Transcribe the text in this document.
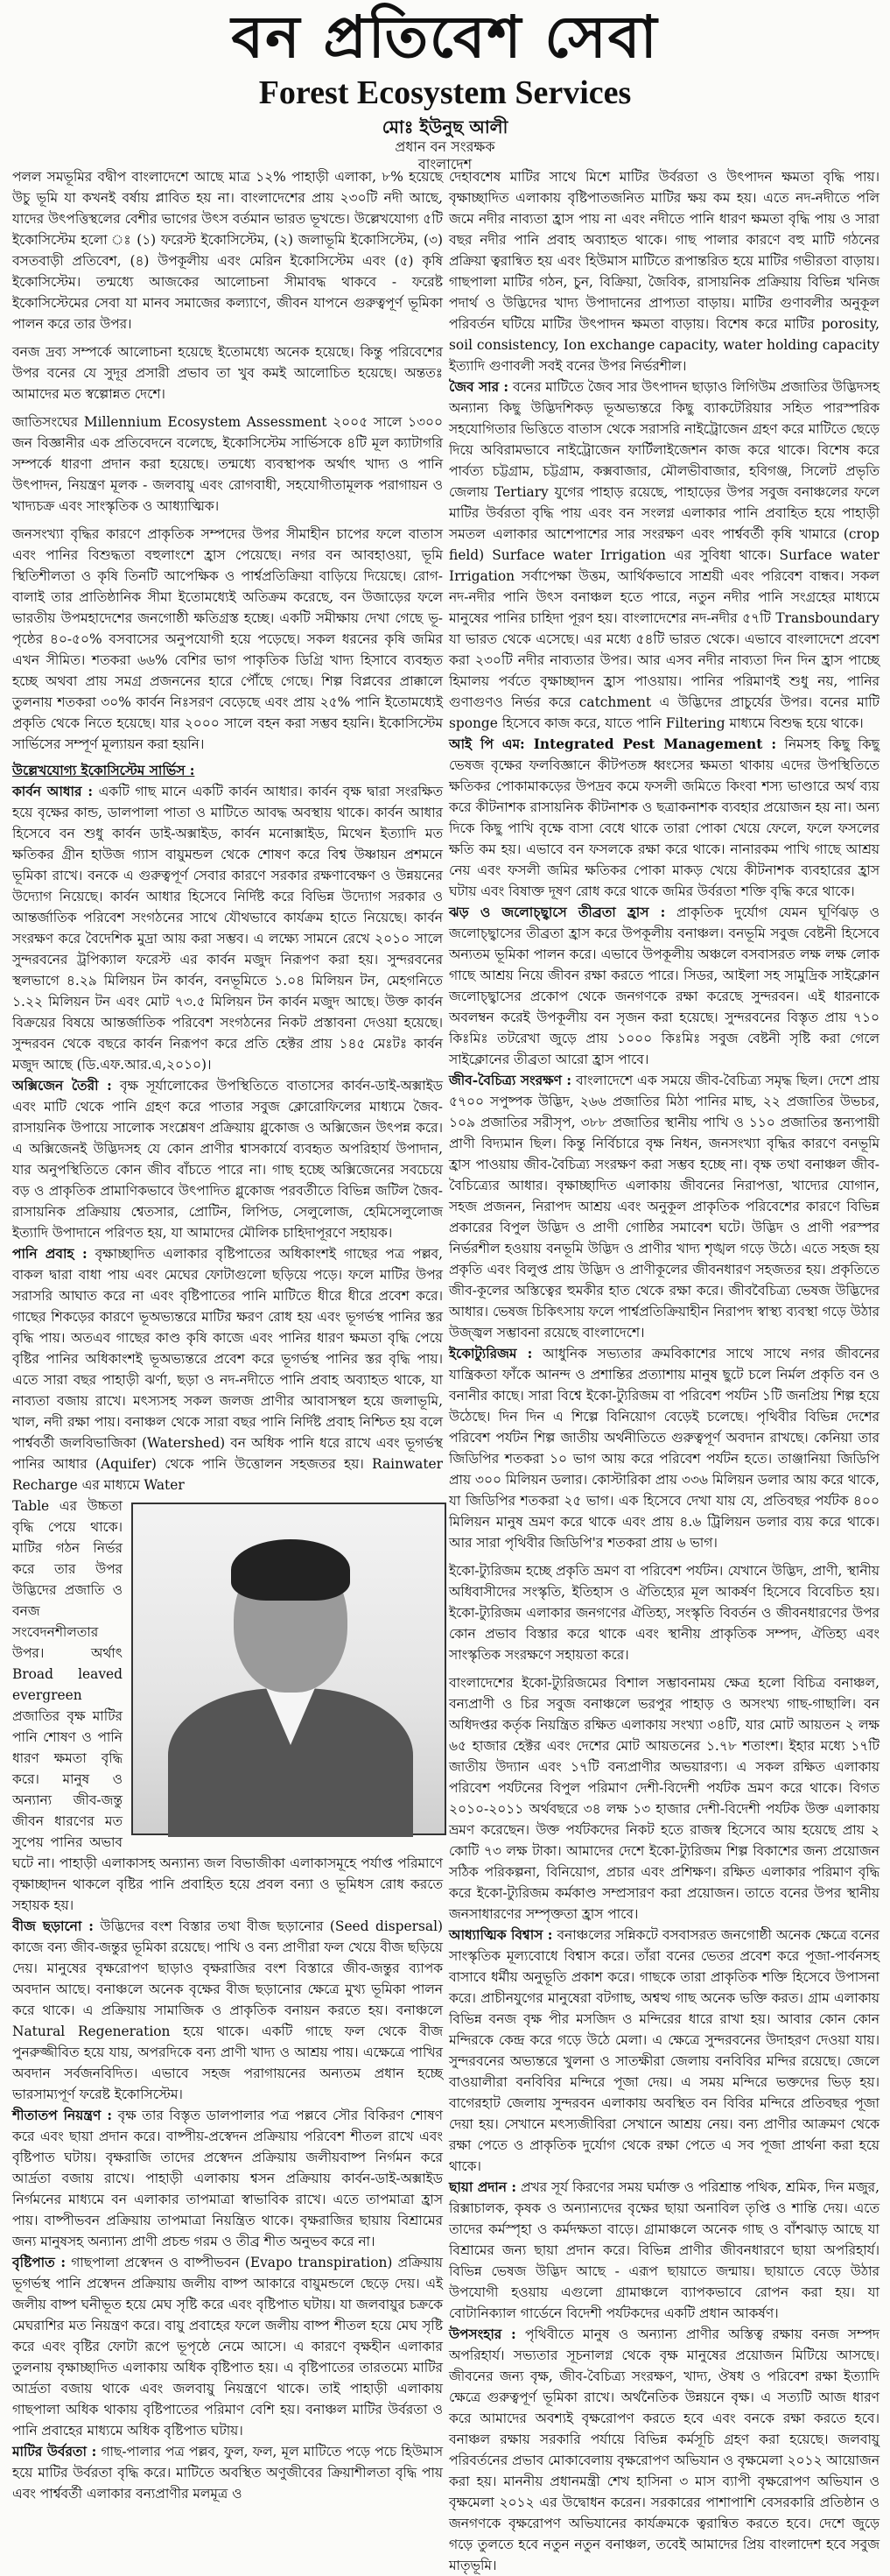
বন প্রতিবেশ সেবা
Forest Ecosystem Services
মোঃ ইউনুছ আলী
প্রধান বন সংরক্ষক
বাংলাদেশ

পলল সমভূমির বদ্বীপ বাংলাদেশে আছে মাত্র ১২% পাহাড়ী এলাকা, ৮% হয়েছে উচু ভূমি যা কখনই বর্ষায় প্লাবিত হয় না। বাংলাদেশের প্রায় ২৩০টি নদী আছে, যাদের উৎপত্তিস্থলের বেশীর ভাগের উৎস বর্তমান ভারত ভূখন্ডে। উল্লেখযোগ্য ৫টি ইকোসিস্টেম হলো ঃ (১) ফরেস্ট ইকোসিস্টেম, (২) জলাভূমি ইকোসিস্টেম, (৩) বসতবাড়ী প্রতিবেশ, (৪) উপকূলীয় এবং মেরিন ইকোসিস্টেম এবং (৫) কৃষি ইকোসিস্টেম। তন্মধ্যে আজকের আলোচনা সীমাবদ্ধ থাকবে - ফরেষ্ট ইকোসিস্টেমের সেবা যা মানব সমাজের কল্যাণে, জীবন যাপনে গুরুত্বপূর্ণ ভূমিকা পালন করে তার উপর।

বনজ দ্রব্য সম্পর্কে আলোচনা হয়েছে ইতোমধ্যে অনেক হয়েছে। কিন্তু পরিবেশের উপর বনের যে সুদূর প্রসারী প্রভাব তা খুব কমই আলোচিত হয়েছে। অন্ততঃ আমাদের মত স্বল্পোন্নত দেশে।

জাতিসংঘের Millennium Ecosystem Assessment ২০০৫ সালে ১৩০০ জন বিজ্ঞানীর এক প্রতিবেদনে বলেছে, ইকোসিস্টেম সার্ভিসকে ৪টি মূল ক্যাটাগরি সম্পর্কে ধারণা প্রদান করা হয়েছে। তন্মধ্যে ব্যবস্থাপক অর্থাৎ খাদ্য ও পানি উৎপাদন, নিয়ন্ত্রণ মূলক - জলবায়ু এবং রোগবাধী, সহযোগীতামূলক পরাগায়ন ও খাদ্যচক্র এবং সাংস্কৃতিক ও আধ্যাত্মিক।

জনসংখ্যা বৃদ্ধির কারণে প্রাকৃতিক সম্পদের উপর সীমাহীন চাপের ফলে বাতাস এবং পানির বিশুদ্ধতা বহুলাংশে হ্রাস পেয়েছে। নগর বন আবহাওয়া, ভূমি স্থিতিশীলতা ও কৃষি তিনটি আপেক্ষিক ও পার্শ্বপ্রতিক্রিয়া বাড়িয়ে দিয়েছে। রোগ-বালাই তার প্রাতিষ্ঠানিক সীমা ইতোমধ্যেই অতিক্রম করেছে, বন উজাড়ের ফলে ভারতীয় উপমহাদেশের জনগোষ্ঠী ক্ষতিগ্রস্ত হচ্ছে। একটি সমীক্ষায় দেখা গেছে ভূ-পৃষ্ঠের ৪০-৫০% বসবাসের অনুপযোগী হয়ে পড়েছে। সকল ধরনের কৃষি জমির এখন সীমিত। শতকরা ৬৬% বেশির ভাগ পাকৃতিক ডিগ্রি খাদ্য হিসাবে ব্যবহৃত হচ্ছে অথবা প্রায় সমগ্র প্রজননের হারে পৌঁছে গেছে। শিল্প বিপ্লবের প্রাক্কালে তুলনায় শতকরা ৩০% কার্বন নিঃসরণ বেড়েছে এবং প্রায় ২৫% পানি ইতোমধ্যেই প্রকৃতি থেকে নিতে হয়েছে। যার ২০০০ সালে বহন করা সম্ভব হয়নি। ইকোসিস্টেম সার্ভিসের সম্পূর্ণ মূল্যায়ন করা হয়নি।

উল্লেখযোগ্য ইকোসিস্টেম সার্ভিস :

কার্বন আধার : একটি গাছ মানে একটি কার্বন আধার। কার্বন বৃক্ষ দ্বারা সংরক্ষিত হয়ে বৃক্ষের কান্ড, ডালপালা পাতা ও মাটিতে আবদ্ধ অবস্থায় থাকে। কার্বন আধার হিসেবে বন শুধু কার্বন ডাই-অক্সাইড, কার্বন মনোক্সাইড, মিথেন ইত্যাদি মত ক্ষতিকর গ্রীন হাউজ গ্যাস বায়ুমন্ডল থেকে শোষণ করে বিশ্ব উষ্ণায়ন প্রশমনে ভূমিকা রাখে। বনকে এ গুরুত্বপূর্ণ সেবার কারণে সরকার রক্ষণাবেক্ষণ ও উন্নয়নের উদ্যোগ নিয়েছে। কার্বন আধার হিসেবে নির্দিষ্ট করে বিভিন্ন উদ্যোগ সরকার ও আন্তর্জাতিক পরিবেশ সংগঠনের সাথে যৌথভাবে কার্যক্রম হাতে নিয়েছে। কার্বন সংরক্ষণ করে বৈদেশিক মুদ্রা আয় করা সম্ভব। এ লক্ষ্যে সামনে রেখে ২০১০ সালে সুন্দরবনের ট্রপিক্যাল ফরেস্ট এর কার্বন মজুদ নিরূপণ করা হয়। সুন্দরবনের স্থলভাগে ৪.২৯ মিলিয়ন টন কার্বন, বনভূমিতে ১.০৪ মিলিয়ন টন, মেহগনিতে ১.২২ মিলিয়ন টন এবং মোট ৭৩.৫ মিলিয়ন টন কার্বন মজুদ আছে। উক্ত কার্বন বিক্রয়ের বিষয়ে আন্তর্জাতিক পরিবেশ সংগঠনের নিকট প্রস্তাবনা দেওয়া হয়েছে। সুন্দরবন থেকে বছরে কার্বন নিরূপণ করে প্রতি হেক্টর প্রায় ১৪৫ মেঃটঃ কার্বন মজুদ আছে (ডি.এফ.আর.এ,২০১০)।

অক্সিজেন তৈরী : বৃক্ষ সূর্যালোকের উপস্থিতিতে বাতাসের কার্বন-ডাই-অক্সাইড এবং মাটি থেকে পানি গ্রহণ করে পাতার সবুজ ক্লোরোফিলের মাধ্যমে জৈব-রাসায়নিক উপায়ে সালোক সংশ্লেষণ প্রক্রিয়ায় গ্লুকোজ ও অক্সিজেন উৎপন্ন করে। এ অক্সিজেনই উদ্ভিদসহ যে কোন প্রাণীর শ্বাসকার্যে ব্যবহৃত অপরিহার্য উপাদান, যার অনুপস্থিতিতে কোন জীব বাঁচতে পারে না। গাছ হচ্ছে অক্সিজেনের সবচেয়ে বড় ও প্রাকৃতিক প্রামাণিকভাবে উৎপাদিত গ্লুকোজ পরবর্তীতে বিভিন্ন জটিল জৈব-রাসায়নিক প্রক্রিয়ায় শ্বেতসার, প্রোটিন, লিপিড, সেলুলোজ, হেমিসেলুলোজ ইত্যাদি উপাদানে পরিণত হয়, যা আমাদের মৌলিক চাহিদাপূরণে সহায়ক।

পানি প্রবাহ : বৃক্ষাচ্ছাদিত এলাকার বৃষ্টিপাতের অধিকাংশই গাছের পত্র পল্লব, বাকল দ্বারা বাধা পায় এবং মেঘের ফোটাগুলো ছড়িয়ে পড়ে। ফলে মাটির উপর সরাসরি আঘাত করে না এবং বৃষ্টিপাতের পানি মাটিতে ধীরে ধীরে প্রবেশ করে। গাছের শিকড়ের কারণে ভূঅভ্যন্তরে মাটির ক্ষরণ রোধ হয় এবং ভূগর্ভস্থ পানির স্তর বৃদ্ধি পায়। অতএব গাছের কাণ্ড কৃষি কাজে এবং পানির ধারণ ক্ষমতা বৃদ্ধি পেয়ে বৃষ্টির পানির অধিকাংশই ভূঅভ্যন্তরে প্রবেশ করে ভূগর্ভস্থ পানির স্তর বৃদ্ধি পায়। এতে সারা বছর পাহাড়ী ঝর্ণা, ছড়া ও নদ-নদীতে পানি প্রবাহ অব্যাহত থাকে, যা নাব্যতা বজায় রাখে। মৎস্যসহ সকল জলজ প্রাণীর আবাসস্থল হয়ে জলাভূমি, খাল, নদী রক্ষা পায়। বনাঞ্চল থেকে সারা বছর পানি নির্দিষ্ট প্রবাহ নিশ্চিত হয় বলে পার্শ্ববর্তী জলবিভাজিকা (Watershed) বন অধিক পানি ধরে রাখে এবং ভূগর্ভস্থ পানির আধার (Aquifer) থেকে পানি উত্তোলন সহজতর হয়। Rainwater Recharge এর মাধ্যমে Water

Table এর উচ্চতা বৃদ্ধি পেয়ে থাকে। মাটির গঠন নির্ভর করে তার উপর উদ্ভিদের প্রজাতি ও বনজ সংবেদনশীলতার উপর। অর্থাৎ Broad leaved evergreen প্রজাতির বৃক্ষ মাটির পানি শোষণ ও পানি ধারণ ক্ষমতা বৃদ্ধি করে। মানুষ ও অন্যান্য জীব-জন্তু জীবন ধারণের মত সুপেয় পানির অভাব ঘটে না। পাহাড়ী এলাকাসহ অন্যান্য জল বিভাজীকা এলাকাসমূহে পর্যাপ্ত পরিমাণে বৃক্ষাচ্ছাদন থাকলে বৃষ্টির পানি প্রবাহিত হয়ে প্রবল বন্যা ও ভূমিধস রোধ করতে সহায়ক হয়।

বীজ ছড়ানো : উদ্ভিদের বংশ বিস্তার তথা বীজ ছড়ানোর (Seed dispersal) কাজে বন্য জীব-জন্তুর ভূমিকা রয়েছে। পাখি ও বন্য প্রাণীরা ফল খেয়ে বীজ ছড়িয়ে দেয়। মানুষের বৃক্ষরোপণ ছাড়াও বৃক্ষরাজির বংশ বিস্তারে জীব-জন্তুর ব্যাপক অবদান আছে। বনাঞ্চলে অনেক বৃক্ষের বীজ ছড়ানোর ক্ষেত্রে মুখ্য ভূমিকা পালন করে থাকে। এ প্রক্রিয়ায় সামাজিক ও প্রাকৃতিক বনায়ন করতে হয়। বনাঞ্চলে Natural Regeneration হয়ে থাকে। একটি গাছে ফল থেকে বীজ পুনরুজ্জীবিত হয়ে যায়, অপরদিকে বন্য প্রাণী খাদ্য ও আশ্রয় পায়। এক্ষেত্রে পাখির অবদান সর্বজনবিদিত। এভাবে সহজ পরাগায়নের অন্যতম প্রধান হচ্ছে ভারসাম্যপূর্ণ ফরেষ্ট ইকোসিস্টেম।

শীতাতপ নিয়ন্ত্রণ : বৃক্ষ তার বিস্তৃত ডালপালার পত্র পল্লবে সৌর বিকিরণ শোষণ করে এবং ছায়া প্রদান করে। বাষ্পীয়-প্রস্বেদন প্রক্রিয়ায় পরিবেশ শীতল রাখে এবং বৃষ্টিপাত ঘটায়। বৃক্ষরাজি তাদের প্রস্বেদন প্রক্রিয়ায় জলীয়বাষ্প নির্গমন করে আর্দ্রতা বজায় রাখে। পাহাড়ী এলাকায় শ্বসন প্রক্রিয়ায় কার্বন-ডাই-অক্সাইড নির্গমনের মাধ্যমে বন এলাকার তাপমাত্রা স্বাভাবিক রাখে। এতে তাপমাত্রা হ্রাস পায়। বাষ্পীভবন প্রক্রিয়ায় তাপমাত্রা নিয়ন্ত্রিত থাকে। বৃক্ষরাজির ছায়ায় বিশ্রামের জন্য মানুষসহ অন্যান্য প্রাণী প্রচন্ড গরম ও তীব্র শীত অনুভব করে না।

বৃষ্টিপাত : গাছপালা প্রস্বেদন ও বাষ্পীভবন (Evapo transpiration) প্রক্রিয়ায় ভূগর্ভস্থ পানি প্রস্বেদন প্রক্রিয়ায় জলীয় বাষ্প আকারে বায়ুমন্ডলে ছেড়ে দেয়। এই জলীয় বাষ্প ঘনীভূত হয়ে মেঘ সৃষ্টি করে এবং বৃষ্টিপাত ঘটায়। যা জলবায়ুর চক্রকে মেঘরাশির মত নিয়ন্ত্রণ করে। বায়ু প্রবাহের ফলে জলীয় বাষ্প শীতল হয়ে মেঘ সৃষ্টি করে এবং বৃষ্টির ফোটা রূপে ভূপৃষ্ঠে নেমে আসে। এ কারণে বৃক্ষহীন এলাকার তুলনায় বৃক্ষাচ্ছাদিত এলাকায় অধিক বৃষ্টিপাত হয়। এ বৃষ্টিপাতের তারতম্যে মাটির আর্দ্রতা বজায় থাকে এবং জলবায়ু নিয়ন্ত্রণে থাকে। তাই পাহাড়ী এলাকায় গাছপালা অধিক থাকায় বৃষ্টিপাতের পরিমাণ বেশি হয়। বনাঞ্চল মাটির উর্বরতা ও পানি প্রবাহের মাধ্যমে অধিক বৃষ্টিপাত ঘটায়।

মাটির উর্বরতা : গাছ-পালার পত্র পল্লব, ফুল, ফল, মূল মাটিতে পড়ে পচে হিউমাস হয়ে মাটির উর্বরতা বৃদ্ধি করে। মাটিতে অবস্থিত অণুজীবের ক্রিয়াশীলতা বৃদ্ধি পায় এবং পার্শ্ববর্তী এলাকার বন্যপ্রাণীর মলমূত্র ও

দেহাবশেষ মাটির সাথে মিশে মাটির উর্বরতা ও উৎপাদন ক্ষমতা বৃদ্ধি পায়। বৃক্ষাচ্ছাদিত এলাকায় বৃষ্টিপাতজনিত মাটির ক্ষয় কম হয়। এতে নদ-নদীতে পলি জমে নদীর নাব্যতা হ্রাস পায় না এবং নদীতে পানি ধারণ ক্ষমতা বৃদ্ধি পায় ও সারা বছর নদীর পানি প্রবাহ অব্যাহত থাকে। গাছ পালার কারণে বহু মাটি গঠনের প্রক্রিয়া ত্বরান্বিত হয় এবং হিউমাস মাটিতে রূপান্তরিত হয়ে মাটির গভীরতা বাড়ায়। গাছপালা মাটির গঠন, চুন, বিক্রিয়া, জৈবিক, রাসায়নিক প্রক্রিয়ায় বিভিন্ন খনিজ পদার্থ ও উদ্ভিদের খাদ্য উপাদানের প্রাপ্যতা বাড়ায়। মাটির গুণাবলীর অনুকূল পরিবর্তন ঘটিয়ে মাটির উৎপাদন ক্ষমতা বাড়ায়। বিশেষ করে মাটির porosity, soil consistency, Ion exchange capacity, water holding capacity ইত্যাদি গুণাবলী সবই বনের উপর নির্ভরশীল।

জৈব সার : বনের মাটিতে জৈব সার উৎপাদন ছাড়াও লিগিউম প্রজাতির উদ্ভিদসহ অন্যান্য কিছু উদ্ভিদশিকড় ভূঅভ্যন্তরে কিছু ব্যাকটেরিয়ার সহিত পারস্পরিক সহযোগিতার ভিত্তিতে বাতাস থেকে সরাসরি নাইট্রোজেন গ্রহণ করে মাটিতে ছেড়ে দিয়ে অবিরামভাবে নাইট্রোজেন ফার্টিলাইজেশন কাজ করে থাকে। বিশেষ করে পার্বত্য চট্টগ্রাম, চট্টগ্রাম, কক্সবাজার, মৌলভীবাজার, হবিগঞ্জ, সিলেট প্রভৃতি জেলায় Tertiary যুগের পাহাড় রয়েছে, পাহাড়ের উপর সবুজ বনাঞ্চলের ফলে মাটির উর্বরতা বৃদ্ধি পায় এবং বন সংলগ্ন এলাকার পানি প্রবাহিত হয়ে পাহাড়ী সমতল এলাকার আশেপাশের সার সংরক্ষণ এবং পার্শ্ববর্তী কৃষি খামারে (crop field) Surface water Irrigation এর সুবিধা থাকে। Surface water Irrigation সর্বাপেক্ষা উত্তম, আর্থিকভাবে সাশ্রয়ী এবং পরিবেশ বান্ধব। সকল নদ-নদীর পানি উৎস বনাঞ্চল হতে পারে, নতুন নদীর পানি সংগ্রহের মাধ্যমে মানুষের পানির চাহিদা পূরণ হয়। বাংলাদেশের নদ-নদীর ৫৭টি Transboundary যা ভারত থেকে এসেছে। এর মধ্যে ৫৪টি ভারত থেকে। এভাবে বাংলাদেশে প্রবেশ করা ২৩০টি নদীর নাব্যতার উপর। আর এসব নদীর নাব্যতা দিন দিন হ্রাস পাচ্ছে হিমালয় পর্বতে বৃক্ষাচ্ছাদন হ্রাস পাওয়ায়। পানির পরিমাণই শুধু নয়, পানির গুণাগুণও নির্ভর করে catchment এ উদ্ভিদের প্রাচুর্যের উপর। বনের মাটি sponge হিসেবে কাজ করে, যাতে পানি Filtering মাধ্যমে বিশুদ্ধ হয়ে থাকে।

আই পি এম: Integrated Pest Management : নিমসহ কিছু কিছু ভেষজ বৃক্ষের ফলবিজ্ঞানে কীটপতঙ্গ ধ্বংসের ক্ষমতা থাকায় এদের উপস্থিতিতে ক্ষতিকর পোকামাকড়ের উপদ্রব কমে ফসলী জমিতে কিংবা শস্য ভাণ্ডারে অর্থ ব্যয় করে কীটনাশক রাসায়নিক কীটনাশক ও ছত্রাকনাশক ব্যবহার প্রয়োজন হয় না। অন্য দিকে কিছু পাখি বৃক্ষে বাসা বেধে থাকে তারা পোকা খেয়ে ফেলে, ফলে ফসলের ক্ষতি কম হয়। এভাবে বন ফসলকে রক্ষা করে থাকে। নানারকম পাখি গাছে আশ্রয় নেয় এবং ফসলী জমির ক্ষতিকর পোকা মাকড় খেয়ে কীটনাশক ব্যবহারের হ্রাস ঘটায় এবং বিষাক্ত দূষণ রোধ করে থাকে জমির উর্বরতা শক্তি বৃদ্ধি করে থাকে।

ঝড় ও জলোচ্ছ্বাসে তীব্রতা হ্রাস : প্রাকৃতিক দুর্যোগ যেমন ঘূর্ণিঝড় ও জলোচ্ছ্বাসের তীব্রতা হ্রাস করে উপকূলীয় বনাঞ্চল। বনভূমি সবুজ বেষ্টনী হিসেবে অন্যতম ভূমিকা পালন করে। এভাবে উপকূলীয় অঞ্চলে বসবাসরত লক্ষ লক্ষ লোক গাছে আশ্রয় নিয়ে জীবন রক্ষা করতে পারে। সিডর, আইলা সহ সামুদ্রিক সাইক্লোন জলোচ্ছ্বাসের প্রকোপ থেকে জনগণকে রক্ষা করেছে সুন্দরবন। এই ধারনাকে অবলম্বন করেই উপকূলীয় বন সৃজন করা হয়েছে। সুন্দরবনের বিস্তৃত প্রায় ৭১০ কিঃমিঃ তটরেখা জুড়ে প্রায় ১০০০ কিঃমিঃ সবুজ বেষ্টনী সৃষ্টি করা গেলে সাইক্লোনের তীব্রতা আরো হ্রাস পাবে।

জীব-বৈচিত্র্য সংরক্ষণ : বাংলাদেশে এক সময়ে জীব-বৈচিত্র্য সমৃদ্ধ ছিল। দেশে প্রায় ৫৭০০ সপুষ্পক উদ্ভিদ, ২৬৬ প্রজাতির মিঠা পানির মাছ, ২২ প্রজাতির উভচর, ১০৯ প্রজাতির সরীসৃপ, ৩৮৮ প্রজাতির স্থানীয় পাখি ও ১১০ প্রজাতির স্তন্যপায়ী প্রাণী বিদ্যমান ছিল। কিন্তু নির্বিচারে বৃক্ষ নিধন, জনসংখ্যা বৃদ্ধির কারণে বনভূমি হ্রাস পাওয়ায় জীব-বৈচিত্র্য সংরক্ষণ করা সম্ভব হচ্ছে না। বৃক্ষ তথা বনাঞ্চল জীব-বৈচিত্র্যের আধার। বৃক্ষাচ্ছাদিত এলাকায় জীবনের নিরাপত্তা, খাদ্যের যোগান, সহজ প্রজনন, নিরাপদ আশ্রয় এবং অনুকূল প্রাকৃতিক পরিবেশের কারণে বিভিন্ন প্রকারের বিপুল উদ্ভিদ ও প্রাণী গোষ্ঠির সমাবেশ ঘটে। উদ্ভিদ ও প্রাণী পরস্পর নির্ভরশীল হওয়ায় বনভূমি উদ্ভিদ ও প্রাণীর খাদ্য শৃঙ্খল গড়ে উঠে। এতে সহজ হয় প্রকৃতি এবং বিলুপ্ত প্রায় উদ্ভিদ ও প্রাণীকূলের জীবনধারণ সহজতর হয়। প্রকৃতিতে জীব-কূলের অস্তিত্বের হুমকীর হাত থেকে রক্ষা করে। জীববৈচিত্র্য ভেষজ উদ্ভিদের আধার। ভেষজ চিকিৎসায় ফলে পার্শ্বপ্রতিক্রিয়াহীন নিরাপদ স্বাস্থ্য ব্যবস্থা গড়ে উঠার উজ্জ্বল সম্ভাবনা রয়েছে বাংলাদেশে।

ইকোট্যুরিজম : আধুনিক সভ্যতার ক্রমবিকাশের সাথে সাথে নগর জীবনের যান্ত্রিকতা ফাঁকে আনন্দ ও প্রশান্তির প্রত্যাশায় মানুষ ছুটে চলে নির্মল প্রকৃতি বন ও বনানীর কাছে। সারা বিশ্বে ইকো-ট্যুরিজম বা পরিবেশ পর্যটন ১টি জনপ্রিয় শিল্প হয়ে উঠেছে। দিন দিন এ শিল্পে বিনিয়োগ বেড়েই চলেছে। পৃথিবীর বিভিন্ন দেশের পরিবেশ পর্যটন শিল্প জাতীয় অর্থনীতিতে গুরুত্বপূর্ণ অবদান রাখছে। কেনিয়া তার জিডিপির শতকরা ১০ ভাগ আয় করে পরিবেশ পর্যটন হতে। তাঞ্জানিয়া জিডিপি প্রায় ৩০০ মিলিয়ন ডলার। কোস্টারিকা প্রায় ৩৩৬ মিলিয়ন ডলার আয় করে থাকে, যা জিডিপির শতকরা ২৫ ভাগ। এক হিসেবে দেখা যায় যে, প্রতিবছর পর্যটক ৪০০ মিলিয়ন মানুষ ভ্রমণ করে থাকে এবং প্রায় ৪.৬ ট্রিলিয়ন ডলার ব্যয় করে থাকে। আর সারা পৃথিবীর জিডিপি'র শতকরা প্রায় ৬ ভাগ।

ইকো-ট্যুরিজম হচ্ছে প্রকৃতি ভ্রমণ বা পরিবেশ পর্যটন। যেখানে উদ্ভিদ, প্রাণী, স্থানীয় অধিবাসীদের সংস্কৃতি, ইতিহাস ও ঐতিহ্যের মূল আকর্ষণ হিসেবে বিবেচিত হয়। ইকো-ট্যুরিজম এলাকার জনগণের ঐতিহ্য, সংস্কৃতি বিবর্তন ও জীবনধারণের উপর কোন প্রভাব বিস্তার করে থাকে এবং স্থানীয় প্রাকৃতিক সম্পদ, ঐতিহ্য এবং সাংস্কৃতিক সংরক্ষণে সহায়তা করে।

বাংলাদেশের ইকো-ট্যুরিজমের বিশাল সম্ভাবনাময় ক্ষেত্র হলো বিচিত্র বনাঞ্চল, বন্যপ্রাণী ও চির সবুজ বনাঞ্চলে ভরপুর পাহাড় ও অসংখ্য গাছ-গাছালি। বন অধিদপ্তর কর্তৃক নিয়ন্ত্রিত রক্ষিত এলাকায় সংখ্যা ৩৪টি, যার মোট আয়তন ২ লক্ষ ৬৫ হাজার হেক্টর এবং দেশের মোট আয়তনের ১.৭৮ শতাংশ। ইহার মধ্যে ১৭টি জাতীয় উদ্যান এবং ১৭টি বন্যপ্রাণীর অভয়ারণ্য। এ সকল রক্ষিত এলাকায় পরিবেশ পর্যটনের বিপুল পরিমাণ দেশী-বিদেশী পর্যটক ভ্রমণ করে থাকে। বিগত ২০১০-২০১১ অর্থবছরে ৩৪ লক্ষ ১৩ হাজার দেশী-বিদেশী পর্যটক উক্ত এলাকায় ভ্রমণ করেছেন। উক্ত পর্যটকদের নিকট হতে রাজস্ব হিসেবে আয় হয়েছে প্রায় ২ কোটি ৭৩ লক্ষ টাকা। আমাদের দেশে ইকো-ট্যুরিজম শিল্প বিকাশের জন্য প্রয়োজন সঠিক পরিকল্পনা, বিনিয়োগ, প্রচার এবং প্রশিক্ষণ। রক্ষিত এলাকার পরিমাণ বৃদ্ধি করে ইকো-ট্যুরিজম কর্মকাণ্ড সম্প্রসারণ করা প্রয়োজন। তাতে বনের উপর স্থানীয় জনসাধারণের সম্পৃক্ততা হ্রাস পাবে।

আধ্যাত্মিক বিশ্বাস : বনাঞ্চলের সন্নিকটে বসবাসরত জনগোষ্ঠী অনেক ক্ষেত্রে বনের সাংস্কৃতিক মূল্যবোধে বিশ্বাস করে। তাঁরা বনের ভেতর প্রবেশ করে পূজা-পার্বনসহ বাসাবে ধর্মীয় অনুভূতি প্রকাশ করে। গাছকে তারা প্রাকৃতিক শক্তি হিসেবে উপাসনা করে। প্রাচীনযুগের মানুষেরা বটগাছ, অশ্বত্থ গাছ অনেক ভক্তি করত। গ্রাম এলাকায় বিভিন্ন বনজ বৃক্ষ পীর মসজিদ ও মন্দিরের ধারে রাখা হয়। আবার কোন কোন মন্দিরকে কেন্দ্র করে গড়ে উঠে মেলা। এ ক্ষেত্রে সুন্দরবনের উদাহরণ দেওয়া যায়। সুন্দরবনের অভ্যন্তরে খুলনা ও সাতক্ষীরা জেলায় বনবিবির মন্দির রয়েছে। জেলে বাওয়ালীরা বনবিবির মন্দিরে পূজা দেয়। এ সময় মন্দিরে ভক্তদের ভিড় হয়। বাগেরহাট জেলায় সুন্দরবন এলাকায় অবস্থিত বন বিবির মন্দিরে প্রতিবছর পূজা দেয়া হয়। সেখানে মৎস্যজীবিরা সেখানে আশ্রয় নেয়। বন্য প্রাণীর আক্রমণ থেকে রক্ষা পেতে ও প্রাকৃতিক দুর্যোগ থেকে রক্ষা পেতে এ সব পূজা প্রার্থনা করা হয়ে থাকে।

ছায়া প্রদান : প্রখর সূর্য কিরণের সময় ঘর্মাক্ত ও পরিশ্রান্ত পথিক, শ্রমিক, দিন মজুর, রিক্সাচালক, কৃষক ও অন্যান্যদের বৃক্ষের ছায়া অনাবিল তৃপ্তি ও শান্তি দেয়। এতে তাদের কর্মস্পৃহা ও কর্মদক্ষতা বাড়ে। গ্রামাঞ্চলে অনেক গাছ ও বাঁশঝাড় আছে যা বিশ্রামের জন্য ছায়া প্রদান করে। বিভিন্ন প্রাণীর জীবনধারণে ছায়া অপরিহার্য। বিভিন্ন ভেষজ উদ্ভিদ আছে - এরূপ ছায়াতে জন্মায়। ছায়াতে বেড়ে উঠার উপযোগী হওয়ায় এগুলো গ্রামাঞ্চলে ব্যাপকভাবে রোপন করা হয়। যা বোটানিক্যাল গার্ডেনে বিদেশী পর্যটকদের একটি প্রধান আকর্ষণ।

উপসংহার : পৃথিবীতে মানুষ ও অন্যান্য প্রাণীর অস্তিত্ব রক্ষায় বনজ সম্পদ অপরিহার্য। সভ্যতার সূচনালগ্ন থেকে বৃক্ষ মানুষের প্রয়োজন মিটিয়ে আসছে। জীবনের জন্য বৃক্ষ, জীব-বৈচিত্র্য সংরক্ষণ, খাদ্য, ঔষধ ও পরিবেশ রক্ষা ইত্যাদি ক্ষেত্রে গুরুত্বপূর্ণ ভূমিকা রাখে। অর্থনৈতিক উন্নয়নে বৃক্ষ। এ সত্যটি আজ ধারণ করে আমাদের অবশ্যই বৃক্ষরোপণ করতে হবে এবং বনকে রক্ষা করতে হবে। বনাঞ্চল রক্ষায় সরকারি পর্যায়ে বিভিন্ন কর্মসূচি গ্রহণ করা হয়েছে। জলবায়ু পরিবর্তনের প্রভাব মোকাবেলায় বৃক্ষরোপণ অভিযান ও বৃক্ষমেলা ২০১২ আয়োজন করা হয়। মাননীয় প্রধানমন্ত্রী শেখ হাসিনা ৩ মাস ব্যাপী বৃক্ষরোপণ অভিযান ও বৃক্ষমেলা ২০১২ এর উদ্বোধন করেন। সরকারের পাশাপাশি বেসরকারি প্রতিষ্ঠান ও জনগণকে বৃক্ষরোপণ অভিযানের কার্যক্রমকে ত্বরান্বিত করতে হবে। দেশে জুড়ে গড়ে তুলতে হবে নতুন নতুন বনাঞ্চল, তবেই আমাদের প্রিয় বাংলাদেশ হবে সবুজ মাতৃভূমি।
